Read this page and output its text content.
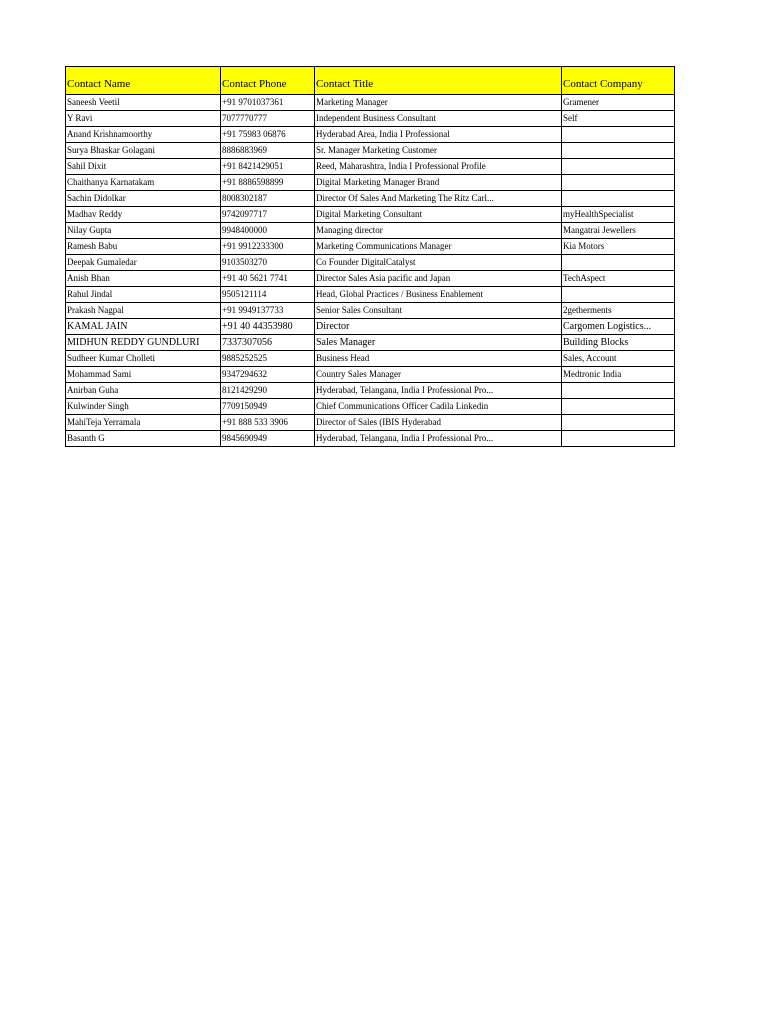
Contact Name	Contact Phone	Contact Title	Contact Company
Saneesh Veetil	+91 9701037361	Marketing Manager	Gramener
Y Ravi	7077770777	Independent Business Consultant	Self
Anand Krishnamoorthy	+91 75983 06876	Hyderabad Area, India I Professional	
Surya Bhaskar Golagani	8886883969	Sr. Manager Marketing Customer	
Sahil Dixit	+91 8421429051	Reed, Maharashtra, India I Professional Profile	
Chaithanya Karnatakam	+91 8886598899	Digital Marketing Manager Brand	
Sachin Didolkar	8008302187	Director Of Sales And Marketing The Ritz Carl...	
Madhav Reddy	9742097717	Digital Marketing Consultant	myHealthSpecialist
Nilay Gupta	9948400000	Managing director	Mangatrai Jewellers
Ramesh Babu	+91 9912233300	Marketing Communications Manager	Kia Motors
Deepak Gumaledar	9103503270	Co Founder DigitalCatalyst	
Anish Bhan	+91 40 5621 7741	Director Sales Asia pacific and Japan	TechAspect
Rahul Jindal	9505121114	Head, Global Practices / Business Enablement	
Prakash Nagpal	+91 9949137733	Senior Sales Consultant	2getherments
KAMAL JAIN	+91 40 44353980	Director	Cargomen Logistics...
MIDHUN REDDY GUNDLURI	7337307056	Sales Manager	Building Blocks
Sudheer Kumar Cholleti	9885252525	Business Head	Sales, Account
Mohammad Sami	9347294632	Country Sales Manager	Medtronic India
Anirban Guha	8121429290	Hyderabad, Telangana, India I Professional Pro...	
Kulwinder Singh	7709150949	Chief Communications Officer Cadila Linkedin	
MahiTeja Yerramala	+91 888 533 3906	Director of Sales (IBIS Hyderabad	
Basanth G	9845690949	Hyderabad, Telangana, India I Professional Pro...	
